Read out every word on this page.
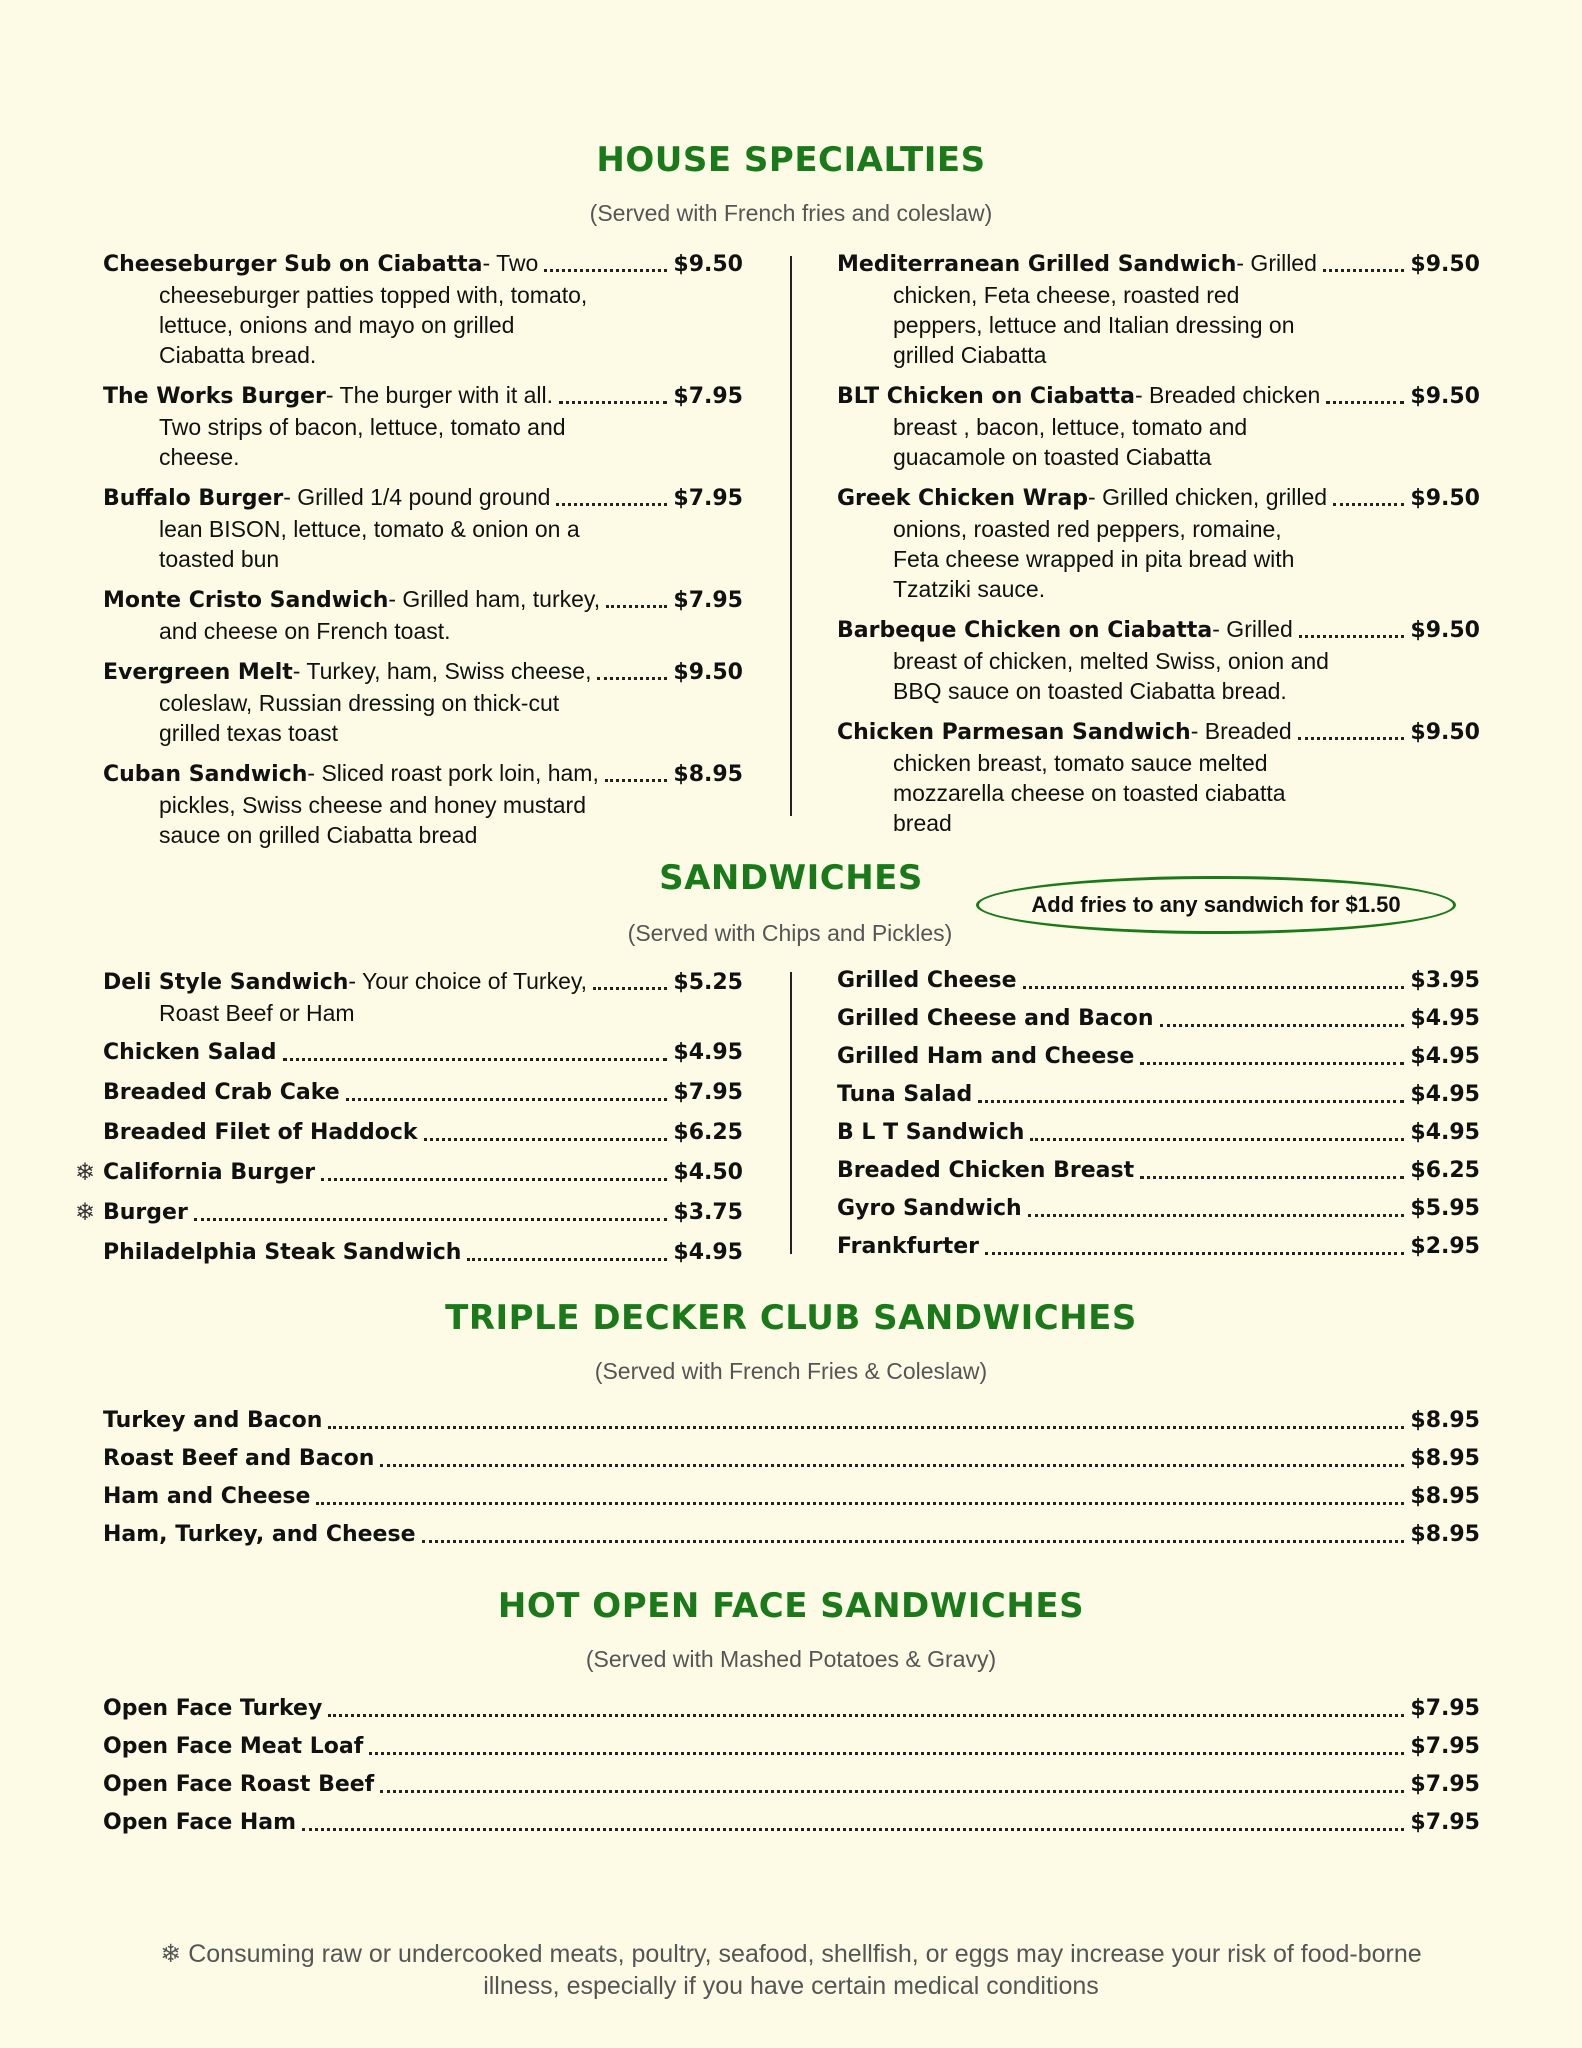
HOUSE SPECIALTIES

(Served with French fries and coleslaw)

Cheeseburger Sub on Ciabatta - Two	$9.50
cheeseburger patties topped with, tomato,
lettuce, onions and mayo on grilled
Ciabatta bread.
The Works Burger - The burger with it all.	$7.95
Two strips of bacon, lettuce, tomato and
cheese.
Buffalo Burger - Grilled 1/4 pound ground	$7.95
lean BISON, lettuce, tomato & onion on a
toasted bun
Monte Cristo Sandwich - Grilled ham, turkey,	$7.95
and cheese on French toast.
Evergreen Melt - Turkey, ham, Swiss cheese,	$9.50
coleslaw, Russian dressing on thick-cut
grilled texas toast
Cuban Sandwich - Sliced roast pork loin, ham,	$8.95
pickles, Swiss cheese and honey mustard
sauce on grilled Ciabatta bread
Mediterranean Grilled Sandwich - Grilled	$9.50
chicken, Feta cheese, roasted red
peppers, lettuce and Italian dressing on
grilled Ciabatta
BLT Chicken on Ciabatta - Breaded chicken	$9.50
breast , bacon, lettuce, tomato and
guacamole on toasted Ciabatta
Greek Chicken Wrap - Grilled chicken, grilled	$9.50
onions, roasted red peppers, romaine,
Feta cheese wrapped in pita bread with
Tzatziki sauce.
Barbeque Chicken on Ciabatta - Grilled	$9.50
breast of chicken, melted Swiss, onion and
BBQ sauce on toasted Ciabatta bread.
Chicken Parmesan Sandwich - Breaded	$9.50
chicken breast, tomato sauce melted
mozzarella cheese on toasted ciabatta
bread
SANDWICHES
Add fries to any sandwich for $1.50

(Served with Chips and Pickles)

Deli Style Sandwich - Your choice of Turkey,	$5.25
Roast Beef or Ham
Chicken Salad	$4.95
Breaded Crab Cake	$7.95
Breaded Filet of Haddock	$6.25
❄ California Burger	$4.50
❄ Burger	$3.75
Philadelphia Steak Sandwich	$4.95
Grilled Cheese	$3.95
Grilled Cheese and Bacon	$4.95
Grilled Ham and Cheese	$4.95
Tuna Salad	$4.95
B L T Sandwich	$4.95
Breaded Chicken Breast	$6.25
Gyro Sandwich	$5.95
Frankfurter	$2.95
TRIPLE DECKER CLUB SANDWICHES

(Served with French Fries & Coleslaw)

Turkey and Bacon	$8.95
Roast Beef and Bacon	$8.95
Ham and Cheese	$8.95
Ham, Turkey, and Cheese	$8.95
HOT OPEN FACE SANDWICHES

(Served with Mashed Potatoes & Gravy)

Open Face Turkey	$7.95
Open Face Meat Loaf	$7.95
Open Face Roast Beef	$7.95
Open Face Ham	$7.95
❄ Consuming raw or undercooked meats, poultry, seafood, shellfish, or eggs may increase your risk of food-borne
illness, especially if you have certain medical conditions
